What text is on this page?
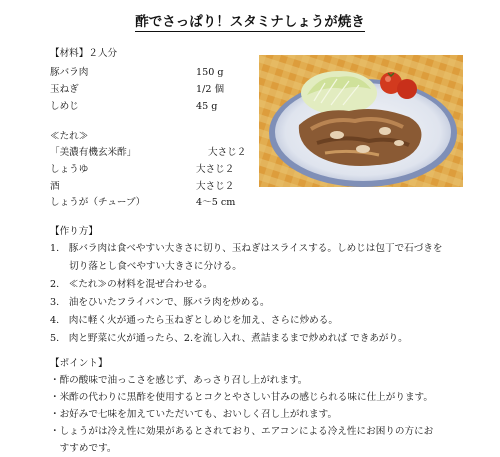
酢でさっぱり！スタミナしょうが焼き
【材料】２人分
豚バラ肉	150 g
玉ねぎ	1/2 個
しめじ	45 g
≪たれ≫
「美濃有機玄米酢」	大さじ２
しょうゆ	大さじ２
酒	大さじ２
しょうが（チューブ）	4〜5 cm
【作り方】
1.　豚バラ肉は食べやすい大きさに切り、玉ねぎはスライスする。しめじは包丁で石づきを
　　切り落とし食べやすい大きさに分ける。
2.　≪たれ≫の材料を混ぜ合わせる。
3.　油をひいたフライパンで、豚バラ肉を炒める。
4.　肉に軽く火が通ったら玉ねぎとしめじを加え、さらに炒める。
5.　肉と野菜に火が通ったら、2.を流し入れ、煮詰まるまで炒めれば できあがり。
【ポイント】
・酢の酸味で油っこさを感じず、あっさり召し上がれます。
・米酢の代わりに黒酢を使用するとコクとやさしい甘みの感じられる味に仕上がります。
・お好みで七味を加えていただいても、おいしく召し上がれます。
・しょうがは冷え性に効果があるとされており、エアコンによる冷え性にお困りの方にお
　すすめです。
